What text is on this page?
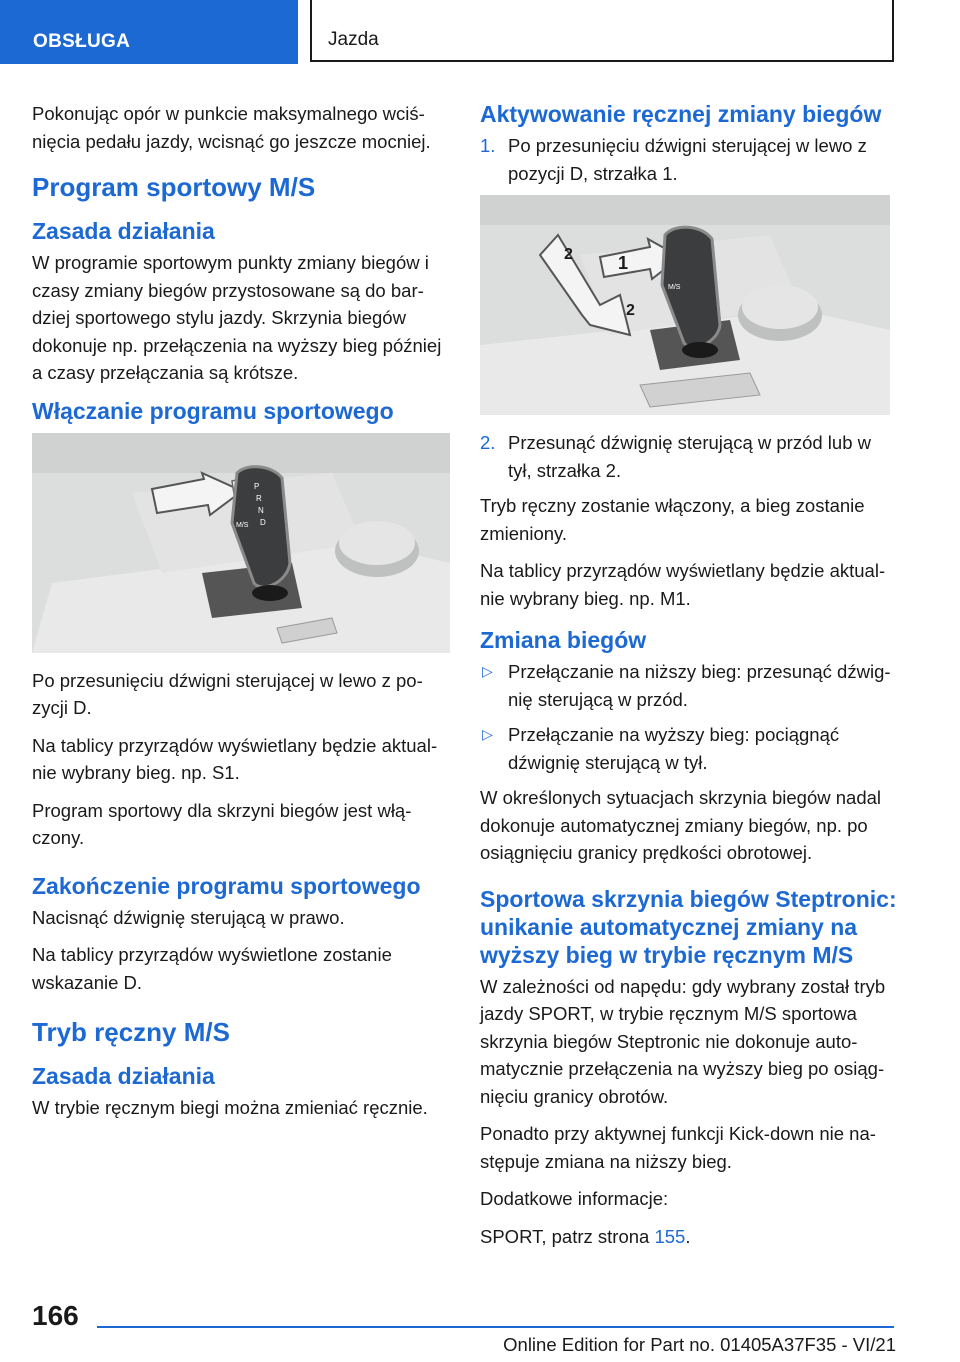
OBSŁUGA	Jazda

Pokonując opór w punkcie maksymalnego wciśnięcia pedału jazdy, wcisnąć go jeszcze mocniej.

Program sportowy M/S
Zasada działania

W programie sportowym punkty zmiany biegów i czasy zmiany biegów przystosowane są do bardziej sportowego stylu jazdy. Skrzynia biegów dokonuje np. przełączenia na wyższy bieg później a czasy przełączania są krótsze.

Włączanie programu sportowego
P
R
N
D
M/S

Po przesunięciu dźwigni sterującej w lewo z pozycji D.

Na tablicy przyrządów wyświetlany będzie aktualnie wybrany bieg. np. S1.

Program sportowy dla skrzyni biegów jest włączony.

Zakończenie programu sportowego

Nacisnąć dźwignię sterującą w prawo.

Na tablicy przyrządów wyświetlone zostanie wskazanie D.

Tryb ręczny M/S
Zasada działania

W trybie ręcznym biegi można zmieniać ręcznie.

Aktywowanie ręcznej zmiany biegów
1. Po przesunięciu dźwigni sterującej w lewo z pozycji D, strzałka 1.
1
2
2
M/S
2. Przesunąć dźwignię sterującą w przód lub w tył, strzałka 2.

Tryb ręczny zostanie włączony, a bieg zostanie zmieniony.

Na tablicy przyrządów wyświetlany będzie aktualnie wybrany bieg. np. M1.

Zmiana biegów
▷ Przełączanie na niższy bieg: przesunąć dźwignię sterującą w przód.
▷ Przełączanie na wyższy bieg: pociągnąć dźwignię sterującą w tył.

W określonych sytuacjach skrzynia biegów nadal dokonuje automatycznej zmiany biegów, np. po osiągnięciu granicy prędkości obrotowej.

Sportowa skrzynia biegów Steptronic: unikanie automatycznej zmiany na wyższy bieg w trybie ręcznym M/S

W zależności od napędu: gdy wybrany został tryb jazdy SPORT, w trybie ręcznym M/S sportowa skrzynia biegów Steptronic nie dokonuje automatycznie przełączenia na wyższy bieg po osiągnięciu granicy obrotów.

Ponadto przy aktywnej funkcji Kick-down nie następuje zmiana na niższy bieg.

Dodatkowe informacje:

SPORT, patrz strona 155.

166
Online Edition for Part no. 01405A37F35 - VI/21
